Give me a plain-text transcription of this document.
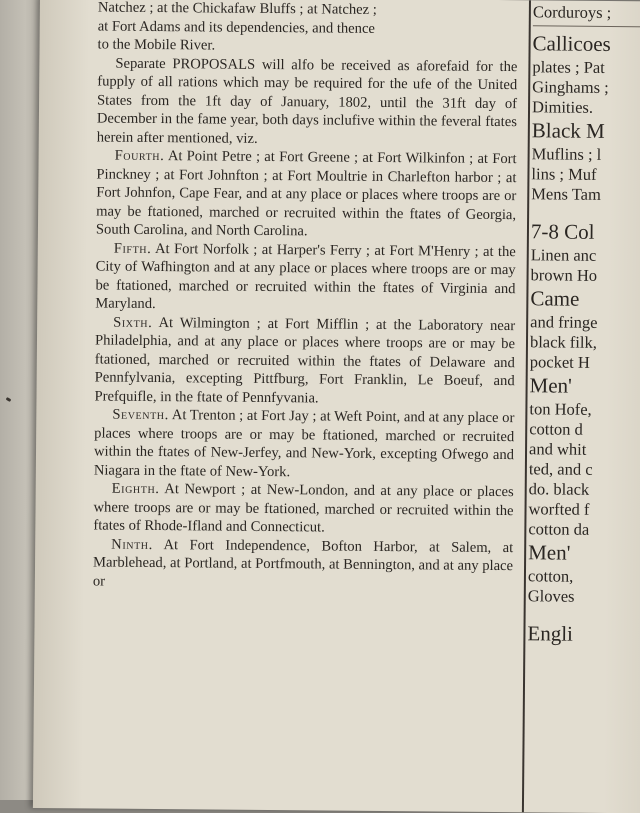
Natchez ; at the Chickafaw Bluffs ; at Natchez ;

at Fort Adams and its dependencies, and thence

to the Mobile River.

Separate PROPOSALS will alfo be received as aforefaid for the fupply of all rations which may be required for the ufe of the United States from the 1ft day of January, 1802, until the 31ft day of December in the fame year, both days inclufive within the feveral ftates herein after mentioned, viz.

Fourth. At Point Petre ; at Fort Greene ; at Fort Wilkinfon ; at Fort Pinckney ; at Fort Johnfton ; at Fort Moultrie in Charlefton harbor ; at Fort Johnfon, Cape Fear, and at any place or places where troops are or may be ftationed, marched or recruited within the ftates of Georgia, South Carolina, and North Carolina.

Fifth. At Fort Norfolk ; at Harper's Ferry ; at Fort M'Henry ; at the City of Wafhington and at any place or places where troops are or may be ftationed, marched or recruited within the ftates of Virginia and Maryland.

Sixth. At Wilmington ; at Fort Mifflin ; at the Laboratory near Philadelphia, and at any place or places where troops are or may be ftationed, marched or recruited within the ftates of Delaware and Pennfylvania, excepting Pittfburg, Fort Franklin, Le Boeuf, and Prefquifle, in the ftate of Pennfyvania.

Seventh. At Trenton ; at Fort Jay ; at Weft Point, and at any place or places where troops are or may be ftationed, marched or recruited within the ftates of New-Jerfey, and New-York, excepting Ofwego and Niagara in the ftate of New-York.

Eighth. At Newport ; at New-London, and at any place or places where troops are or may be ftationed, marched or recruited within the ftates of Rhode-Ifland and Connecticut.

Ninth. At Fort Independence, Bofton Harbor, at Salem, at Marblehead, at Portland, at Portfmouth, at Bennington, and at any place or

Corduroys ;
Callicoes
plates ; Pat
Ginghams ;
Dimities.
Black M
Muflins ; l
lins ; Muf
Mens Tam
7-8 Col
Linen anc
brown Ho
Came
and fringe
black filk,
pocket H
Men'
ton Hofe,
cotton d
and whit
ted, and c
do. black
worfted f
cotton da
Men'
cotton,
Gloves
Engli
